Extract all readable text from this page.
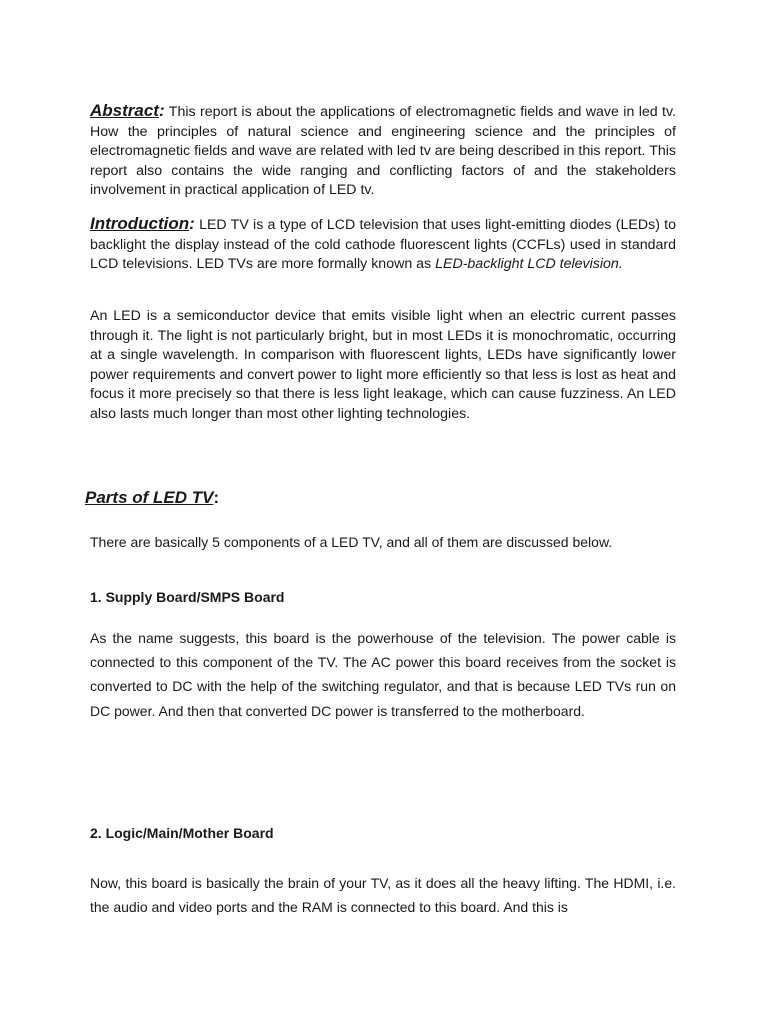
Abstract: This report is about the applications of electromagnetic fields and wave in led tv. How the principles of natural science and engineering science and the principles of electromagnetic fields and wave are related with led tv are being described in this report. This report also contains the wide ranging and conflicting factors of and the stakeholders involvement in practical application of LED tv.
Introduction: LED TV is a type of LCD television that uses light-emitting diodes (LEDs) to backlight the display instead of the cold cathode fluorescent lights (CCFLs) used in standard LCD televisions. LED TVs are more formally known as LED-backlight LCD television.

An LED is a semiconductor device that emits visible light when an electric current passes through it. The light is not particularly bright, but in most LEDs it is monochromatic, occurring at a single wavelength. In comparison with fluorescent lights, LEDs have significantly lower power requirements and convert power to light more efficiently so that less is lost as heat and focus it more precisely so that there is less light leakage, which can cause fuzziness. An LED also lasts much longer than most other lighting technologies.

Parts of LED TV:

There are basically 5 components of a LED TV, and all of them are discussed below.

1. Supply Board/SMPS Board

As the name suggests, this board is the powerhouse of the television. The power cable is connected to this component of the TV. The AC power this board receives from the socket is converted to DC with the help of the switching regulator, and that is because LED TVs run on DC power. And then that converted DC power is transferred to the motherboard.

2. Logic/Main/Mother Board

Now, this board is basically the brain of your TV, as it does all the heavy lifting. The HDMI, i.e. the audio and video ports and the RAM is connected to this board. And this is
